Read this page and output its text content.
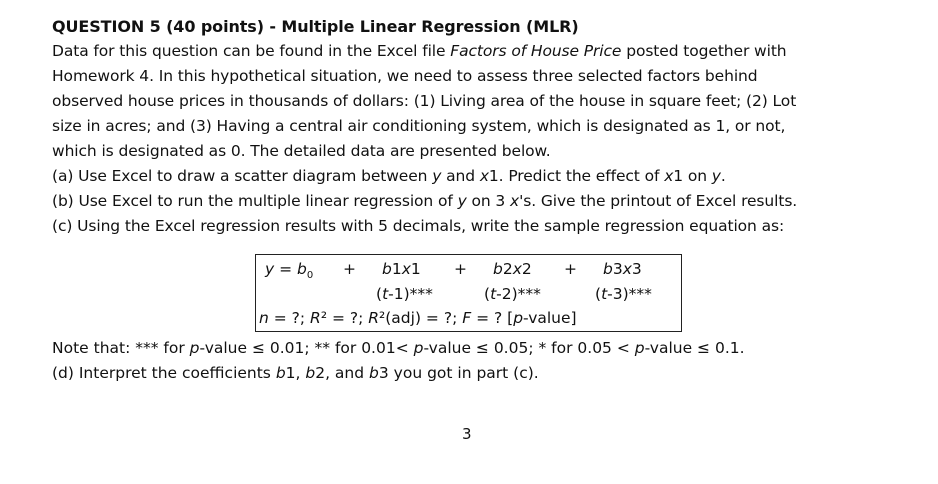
QUESTION 5 (40 points) - Multiple Linear Regression (MLR)
Data for this question can be found in the Excel file Factors of House Price posted together with
Homework 4. In this hypothetical situation, we need to assess three selected factors behind
observed house prices in thousands of dollars: (1) Living area of the house in square feet; (2) Lot
size in acres; and (3) Having a central air conditioning system, which is designated as 1, or not,
which is designated as 0. The detailed data are presented below.
(a) Use Excel to draw a scatter diagram between y and x1. Predict the effect of x1 on y.
(b) Use Excel to run the multiple linear regression of y on 3 x's. Give the printout of Excel results.
(c) Using the Excel regression results with 5 decimals, write the sample regression equation as:
$y = b_0 + b1x1 + b2x2 + b3x3$
(t-1)***	(t-2)***	(t-3)***
n = ?; R² = ?; R²(adj) = ?; F = ? [p-value]
Note that: *** for p-value ≤ 0.01; ** for 0.01< p-value ≤ 0.05; * for 0.05 < p-value ≤ 0.1.
(d) Interpret the coefficients b1, b2, and b3 you got in part (c).
3
